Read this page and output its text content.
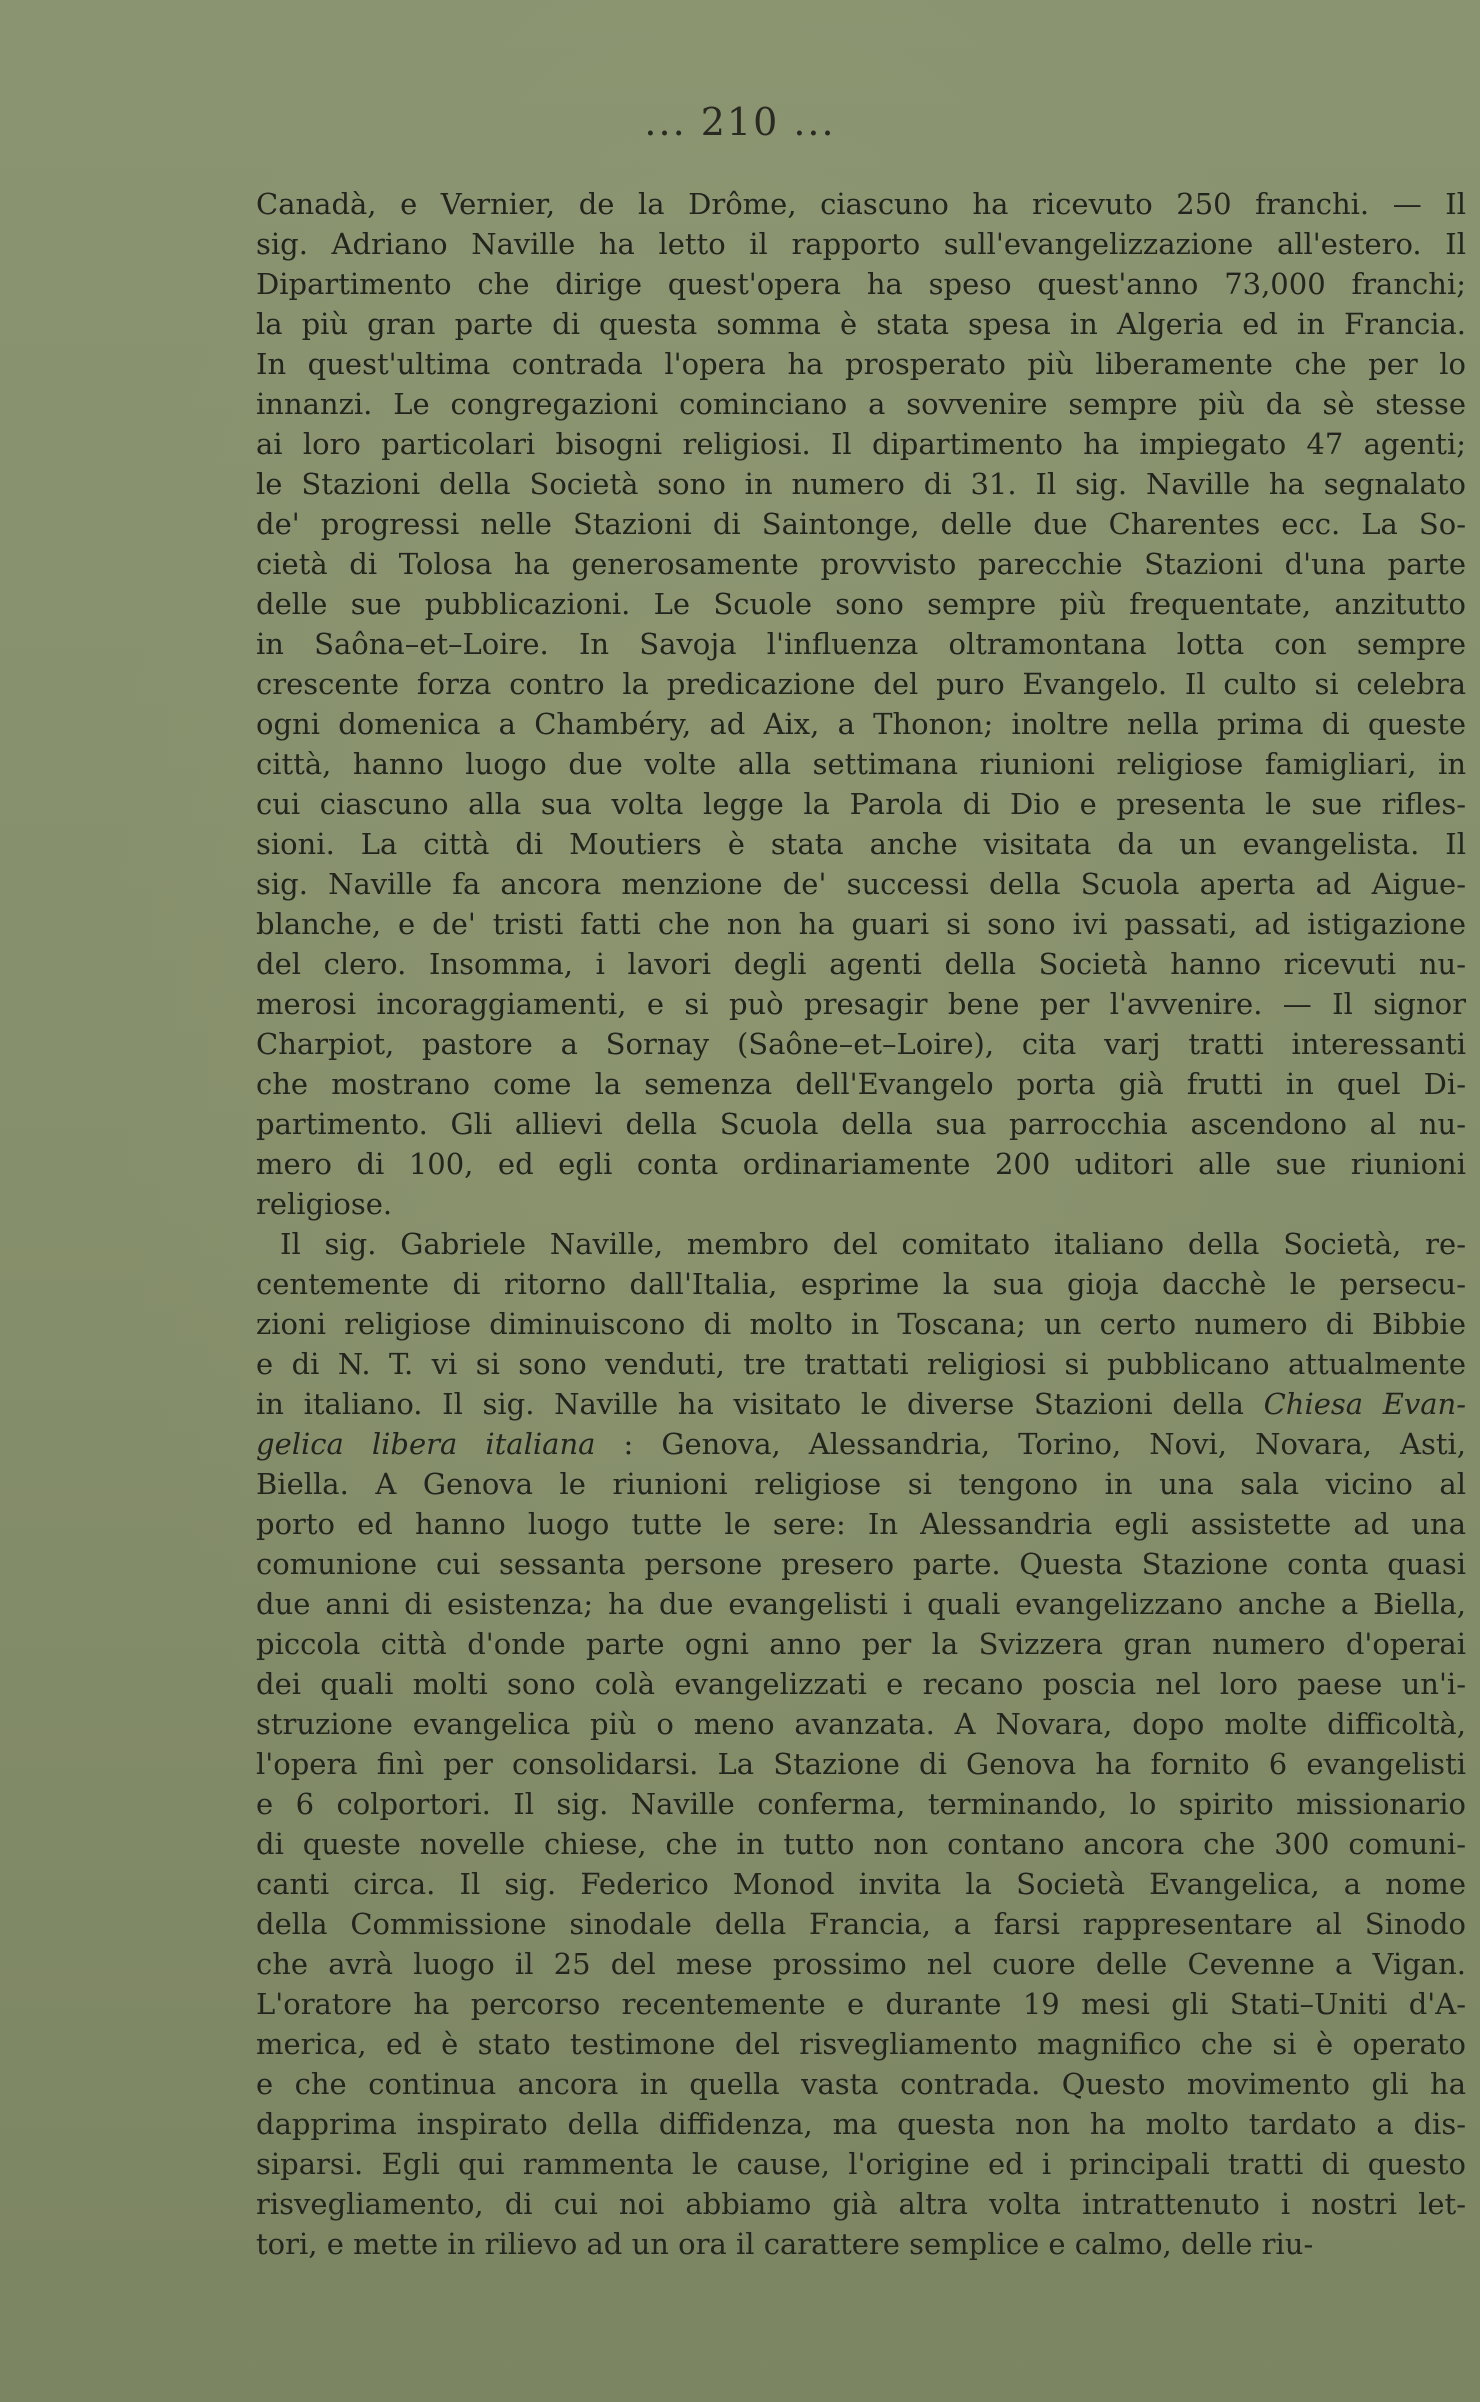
... 210 ...
Canadà, e Vernier, de la Drôme, ciascuno ha ricevuto 250 franchi. — Il
sig. Adriano Naville ha letto il rapporto sull'evangelizzazione all'estero. Il
Dipartimento che dirige quest'opera ha speso quest'anno 73,000 franchi;
la più gran parte di questa somma è stata spesa in Algeria ed in Francia.
In quest'ultima contrada l'opera ha prosperato più liberamente che per lo
innanzi. Le congregazioni cominciano a sovvenire sempre più da sè stesse
ai loro particolari bisogni religiosi. Il dipartimento ha impiegato 47 agenti;
le Stazioni della Società sono in numero di 31. Il sig. Naville ha segnalato
de' progressi nelle Stazioni di Saintonge, delle due Charentes ecc. La So-
cietà di Tolosa ha generosamente provvisto parecchie Stazioni d'una parte
delle sue pubblicazioni. Le Scuole sono sempre più frequentate, anzitutto
in Saôna–et–Loire. In Savoja l'influenza oltramontana lotta con sempre
crescente forza contro la predicazione del puro Evangelo. Il culto si celebra
ogni domenica a Chambéry, ad Aix, a Thonon; inoltre nella prima di queste
città, hanno luogo due volte alla settimana riunioni religiose famigliari, in
cui ciascuno alla sua volta legge la Parola di Dio e presenta le sue rifles-
sioni. La città di Moutiers è stata anche visitata da un evangelista. Il
sig. Naville fa ancora menzione de' successi della Scuola aperta ad Aigue-
blanche, e de' tristi fatti che non ha guari si sono ivi passati, ad istigazione
del clero. Insomma, i lavori degli agenti della Società hanno ricevuti nu-
merosi incoraggiamenti, e si può presagir bene per l'avvenire. — Il signor
Charpiot, pastore a Sornay (Saône–et–Loire), cita varj tratti interessanti
che mostrano come la semenza dell'Evangelo porta già frutti in quel Di-
partimento. Gli allievi della Scuola della sua parrocchia ascendono al nu-
mero di 100, ed egli conta ordinariamente 200 uditori alle sue riunioni
religiose.
Il sig. Gabriele Naville, membro del comitato italiano della Società, re-
centemente di ritorno dall'Italia, esprime la sua gioja dacchè le persecu-
zioni religiose diminuiscono di molto in Toscana; un certo numero di Bibbie
e di N. T. vi si sono venduti, tre trattati religiosi si pubblicano attualmente
in italiano. Il sig. Naville ha visitato le diverse Stazioni della Chiesa Evan-
gelica libera italiana : Genova, Alessandria, Torino, Novi, Novara, Asti,
Biella. A Genova le riunioni religiose si tengono in una sala vicino al
porto ed hanno luogo tutte le sere: In Alessandria egli assistette ad una
comunione cui sessanta persone presero parte. Questa Stazione conta quasi
due anni di esistenza; ha due evangelisti i quali evangelizzano anche a Biella,
piccola città d'onde parte ogni anno per la Svizzera gran numero d'operai
dei quali molti sono colà evangelizzati e recano poscia nel loro paese un'i-
struzione evangelica più o meno avanzata. A Novara, dopo molte difficoltà,
l'opera finì per consolidarsi. La Stazione di Genova ha fornito 6 evangelisti
e 6 colportori. Il sig. Naville conferma, terminando, lo spirito missionario
di queste novelle chiese, che in tutto non contano ancora che 300 comuni-
canti circa. Il sig. Federico Monod invita la Società Evangelica, a nome
della Commissione sinodale della Francia, a farsi rappresentare al Sinodo
che avrà luogo il 25 del mese prossimo nel cuore delle Cevenne a Vigan.
L'oratore ha percorso recentemente e durante 19 mesi gli Stati–Uniti d'A-
merica, ed è stato testimone del risvegliamento magnifico che si è operato
e che continua ancora in quella vasta contrada. Questo movimento gli ha
dapprima inspirato della diffidenza, ma questa non ha molto tardato a dis-
siparsi. Egli qui rammenta le cause, l'origine ed i principali tratti di questo
risvegliamento, di cui noi abbiamo già altra volta intrattenuto i nostri let-
tori, e mette in rilievo ad un ora il carattere semplice e calmo, delle riu-
